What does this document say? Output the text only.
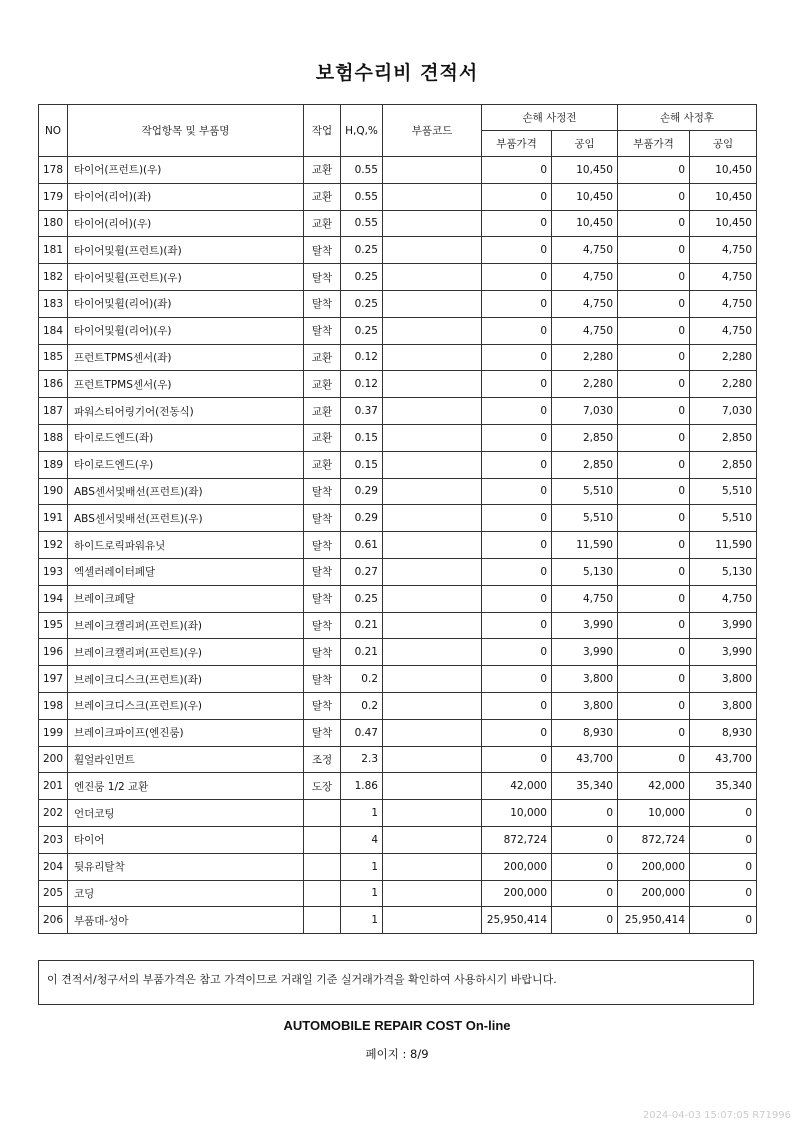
보험수리비 견적서
NO	작업항목 및 부품명	작업	H,Q,%	부품코드	손해 사정전		손해 사정후	
					부품가격	공임	부품가격	공임
178	타이어(프런트)(우)	교환	0.55		0	10,450	0	10,450
179	타이어(리어)(좌)	교환	0.55		0	10,450	0	10,450
180	타이어(리어)(우)	교환	0.55		0	10,450	0	10,450
181	타이어및휠(프런트)(좌)	탈착	0.25		0	4,750	0	4,750
182	타이어및휠(프런트)(우)	탈착	0.25		0	4,750	0	4,750
183	타이어및휠(리어)(좌)	탈착	0.25		0	4,750	0	4,750
184	타이어및휠(리어)(우)	탈착	0.25		0	4,750	0	4,750
185	프런트TPMS센서(좌)	교환	0.12		0	2,280	0	2,280
186	프런트TPMS센서(우)	교환	0.12		0	2,280	0	2,280
187	파워스티어링기어(전동식)	교환	0.37		0	7,030	0	7,030
188	타이로드엔드(좌)	교환	0.15		0	2,850	0	2,850
189	타이로드엔드(우)	교환	0.15		0	2,850	0	2,850
190	ABS센서및배선(프런트)(좌)	탈착	0.29		0	5,510	0	5,510
191	ABS센서및배선(프런트)(우)	탈착	0.29		0	5,510	0	5,510
192	하이드로릭파워유닛	탈착	0.61		0	11,590	0	11,590
193	엑셀러레이터페달	탈착	0.27		0	5,130	0	5,130
194	브레이크페달	탈착	0.25		0	4,750	0	4,750
195	브레이크캘리퍼(프런트)(좌)	탈착	0.21		0	3,990	0	3,990
196	브레이크캘리퍼(프런트)(우)	탈착	0.21		0	3,990	0	3,990
197	브레이크디스크(프런트)(좌)	탈착	0.2		0	3,800	0	3,800
198	브레이크디스크(프런트)(우)	탈착	0.2		0	3,800	0	3,800
199	브레이크파이프(엔진룸)	탈착	0.47		0	8,930	0	8,930
200	휠얼라인먼트	조정	2.3		0	43,700	0	43,700
201	엔진룸 1/2 교환	도장	1.86		42,000	35,340	42,000	35,340
202	언더코팅		1		10,000	0	10,000	0
203	타이어		4		872,724	0	872,724	0
204	뒷유리탈착		1		200,000	0	200,000	0
205	코딩		1		200,000	0	200,000	0
206	부품대-성아		1		25,950,414	0	25,950,414	0
이 견적서/청구서의 부품가격은 참고 가격이므로 거래일 기준 실거래가격을 확인하여 사용하시기 바랍니다.
AUTOMOBILE REPAIR COST On-line
페이지 : 8/9
2024-04-03 15:07:05 R71996
